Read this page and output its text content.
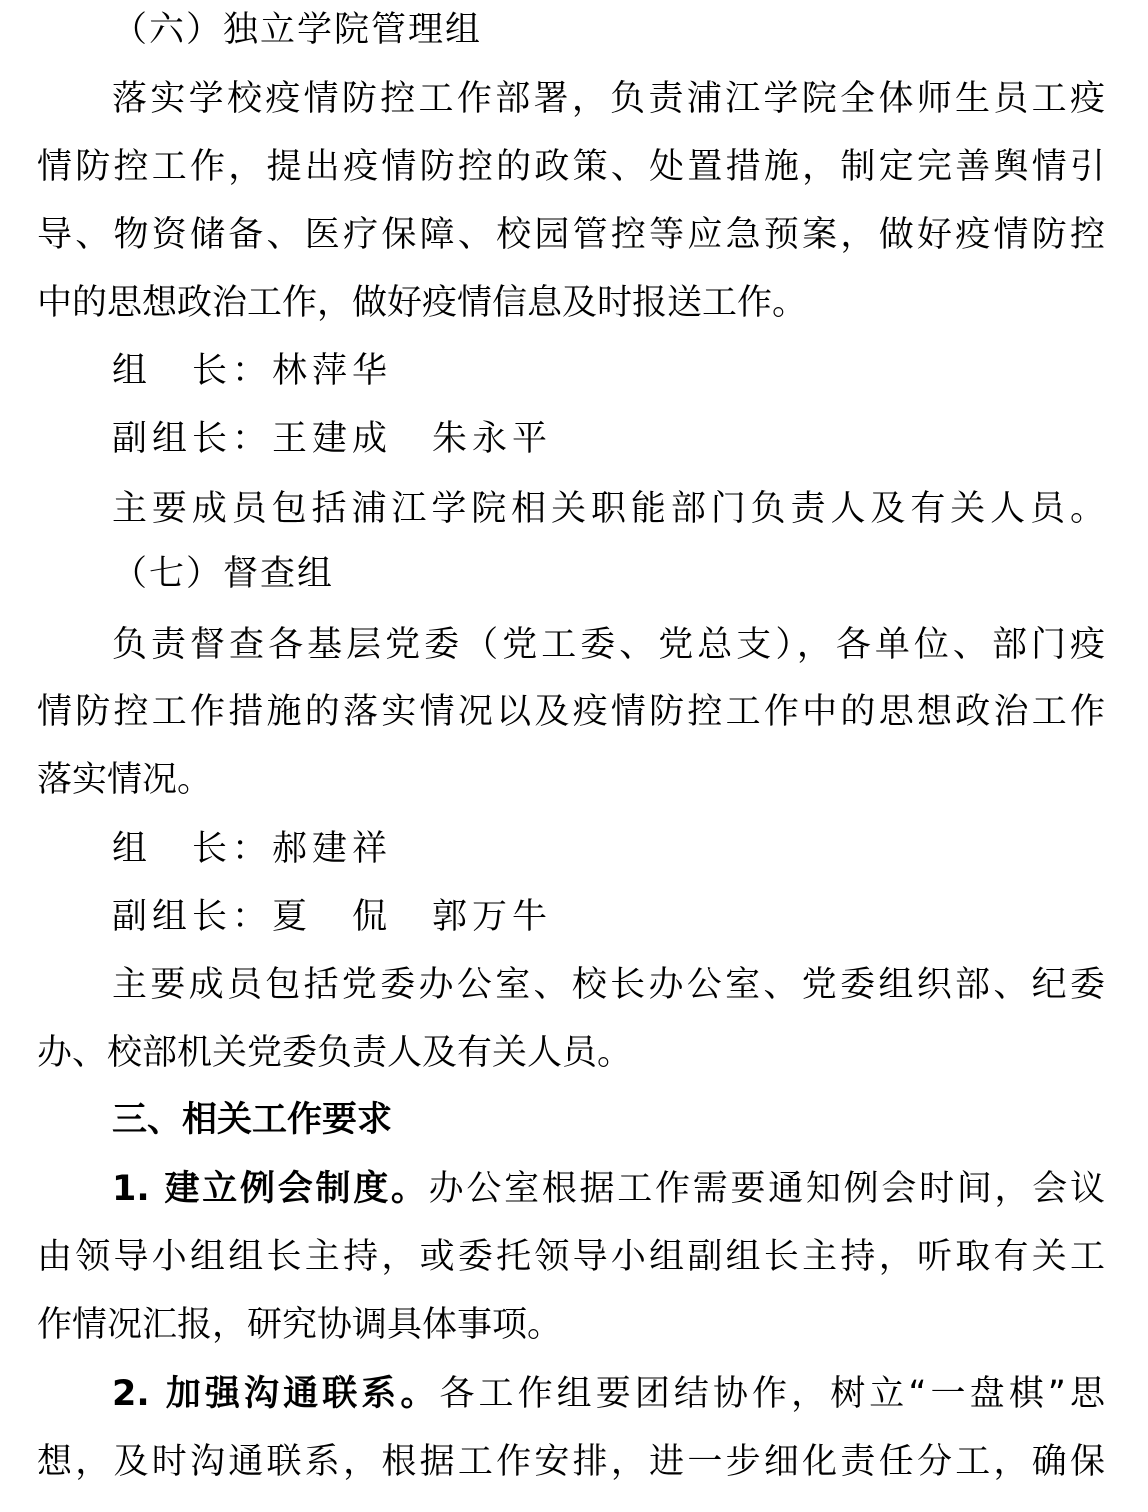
（六）独立学院管理组
落实学校疫情防控工作部署，负责浦江学院全体师生员工疫
情防控工作，提出疫情防控的政策、处置措施，制定完善舆情引
导、物资储备、医疗保障、校园管控等应急预案，做好疫情防控
中的思想政治工作，做好疫情信息及时报送工作。
组　长：林萍华
副组长：王建成　朱永平
主要成员包括浦江学院相关职能部门负责人及有关人员。
（七）督查组
负责督查各基层党委（党工委、党总支），各单位、部门疫
情防控工作措施的落实情况以及疫情防控工作中的思想政治工作
落实情况。
组　长：郝建祥
副组长：夏　侃　郭万牛
主要成员包括党委办公室、校长办公室、党委组织部、纪委
办、校部机关党委负责人及有关人员。
三、相关工作要求
1. 建立例会制度。办公室根据工作需要通知例会时间，会议
由领导小组组长主持，或委托领导小组副组长主持，听取有关工
作情况汇报，研究协调具体事项。
2. 加强沟通联系。各工作组要团结协作，树立“一盘棋”思
想，及时沟通联系，根据工作安排，进一步细化责任分工，确保
